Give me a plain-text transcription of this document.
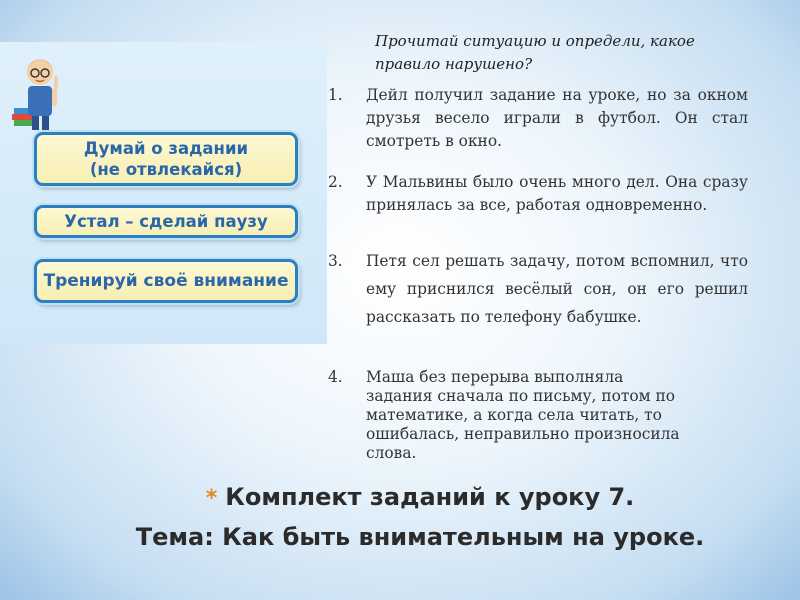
Думай о задании
(не отвлекайся)
Устал – сделай паузу
Тренируй своё внимание
Прочитай ситуацию и определи, какое правило нарушено?
1. Дейл получил задание на уроке, но за окном друзья весело играли в футбол. Он стал смотреть в окно.
2. У Мальвины было очень много дел. Она сразу принялась за все, работая одновременно.
3. Петя сел решать задачу, потом вспомнил, что ему приснился весёлый сон, он его решил рассказать по телефону бабушке.
4. Маша без перерыва выполняла задания сначала по письму, потом по математике, а когда села читать, то ошибалась, неправильно произносила слова.
* Комплект заданий к уроку 7.
Тема: Как быть внимательным на уроке.
